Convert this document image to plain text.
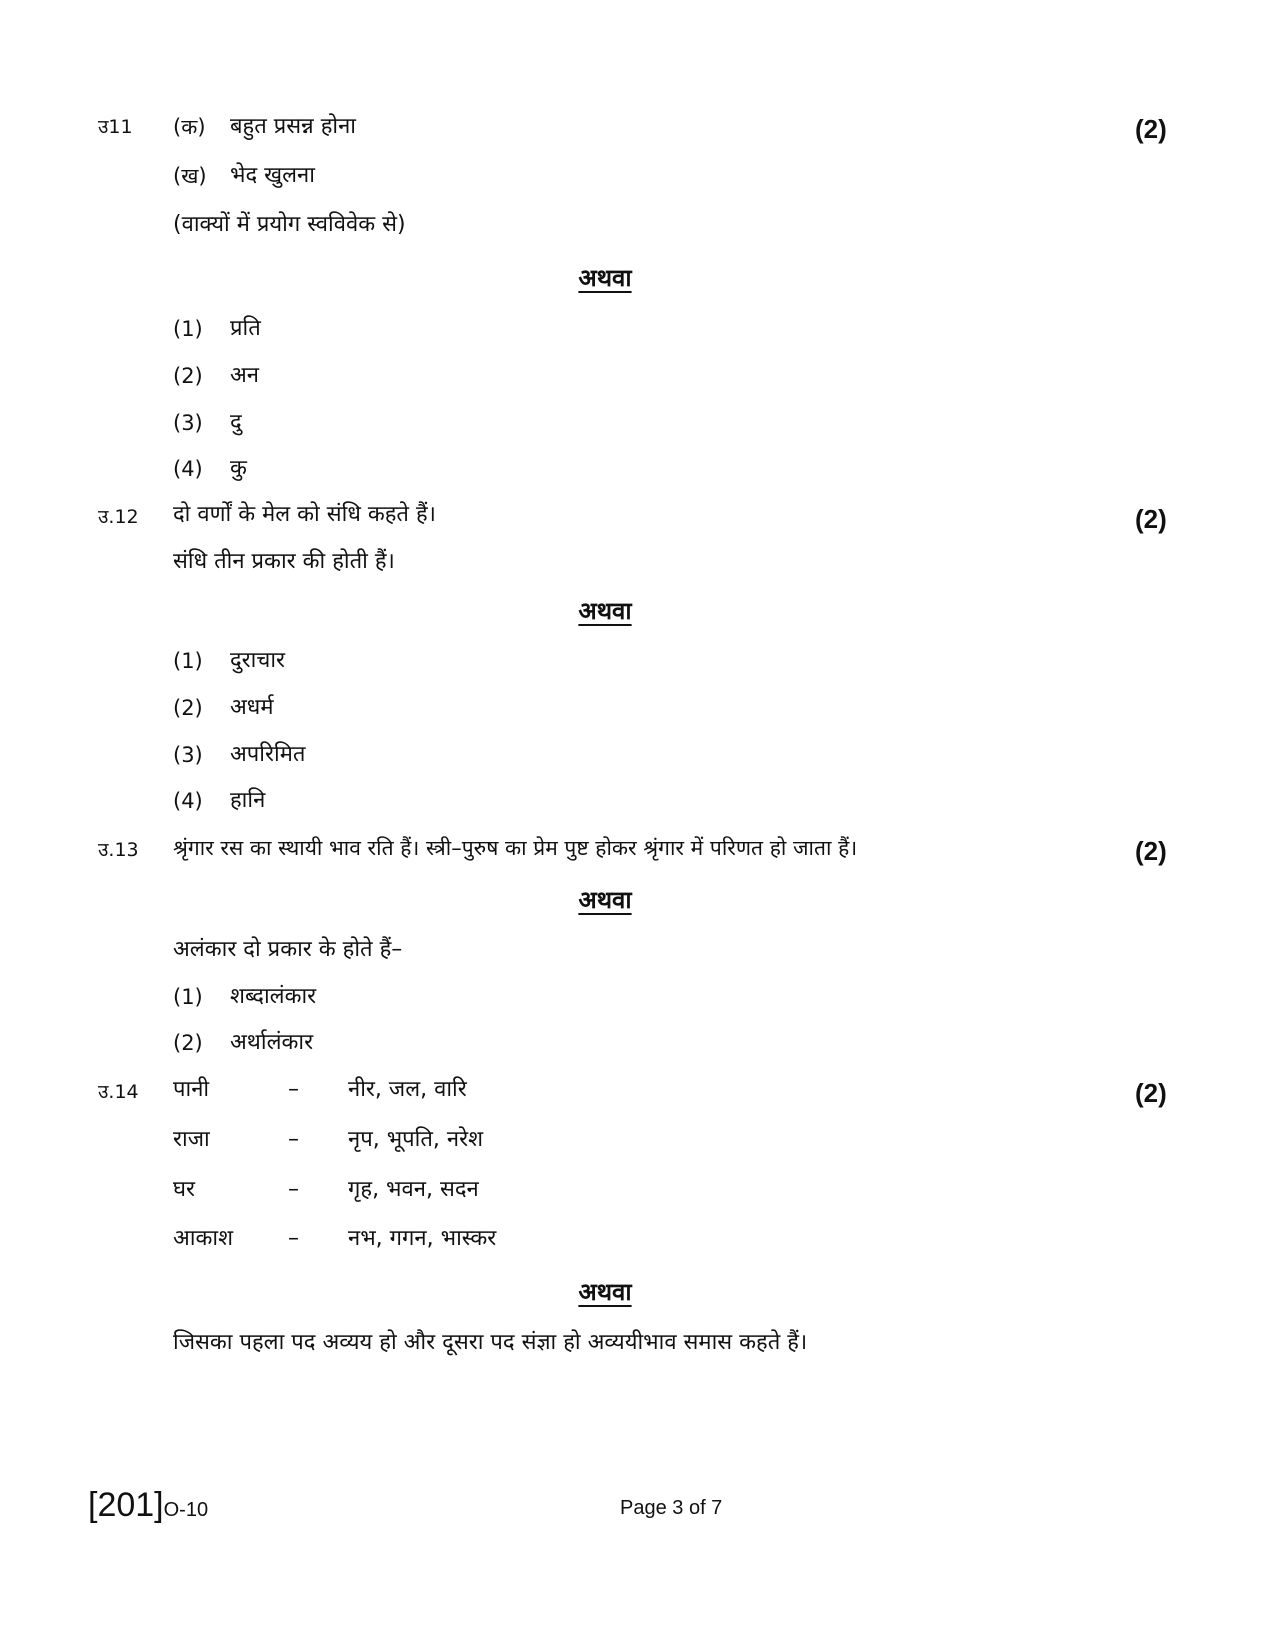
उ11 (क) बहुत प्रसन्न होना	(2)
(ख) भेद खुलना
(वाक्यों में प्रयोग स्वविवेक से)
अथवा
(1) प्रति
(2) अन
(3) दु
(4) कु
उ.12 दो वर्णों के मेल को संधि कहते हैं।	(2)
संधि तीन प्रकार की होती हैं।
अथवा
(1) दुराचार
(2) अधर्म
(3) अपरिमित
(4) हानि
उ.13 श्रृंगार रस का स्थायी भाव रति हैं। स्त्री–पुरुष का प्रेम पुष्ट होकर श्रृंगार में परिणत हो जाता हैं।	(2)
अथवा
अलंकार दो प्रकार के होते हैं–
(1) शब्दालंकार
(2) अर्थालंकार
उ.14 पानी	– नीर, जल, वारि	(2)
राजा	– नृप, भूपति, नरेश
घर	– गृह, भवन, सदन
आकाश – नभ, गगन, भास्कर
अथवा
जिसका पहला पद अव्यय हो और दूसरा पद संज्ञा हो अव्ययीभाव समास कहते हैं।
[201]O-10	Page 3 of 7
